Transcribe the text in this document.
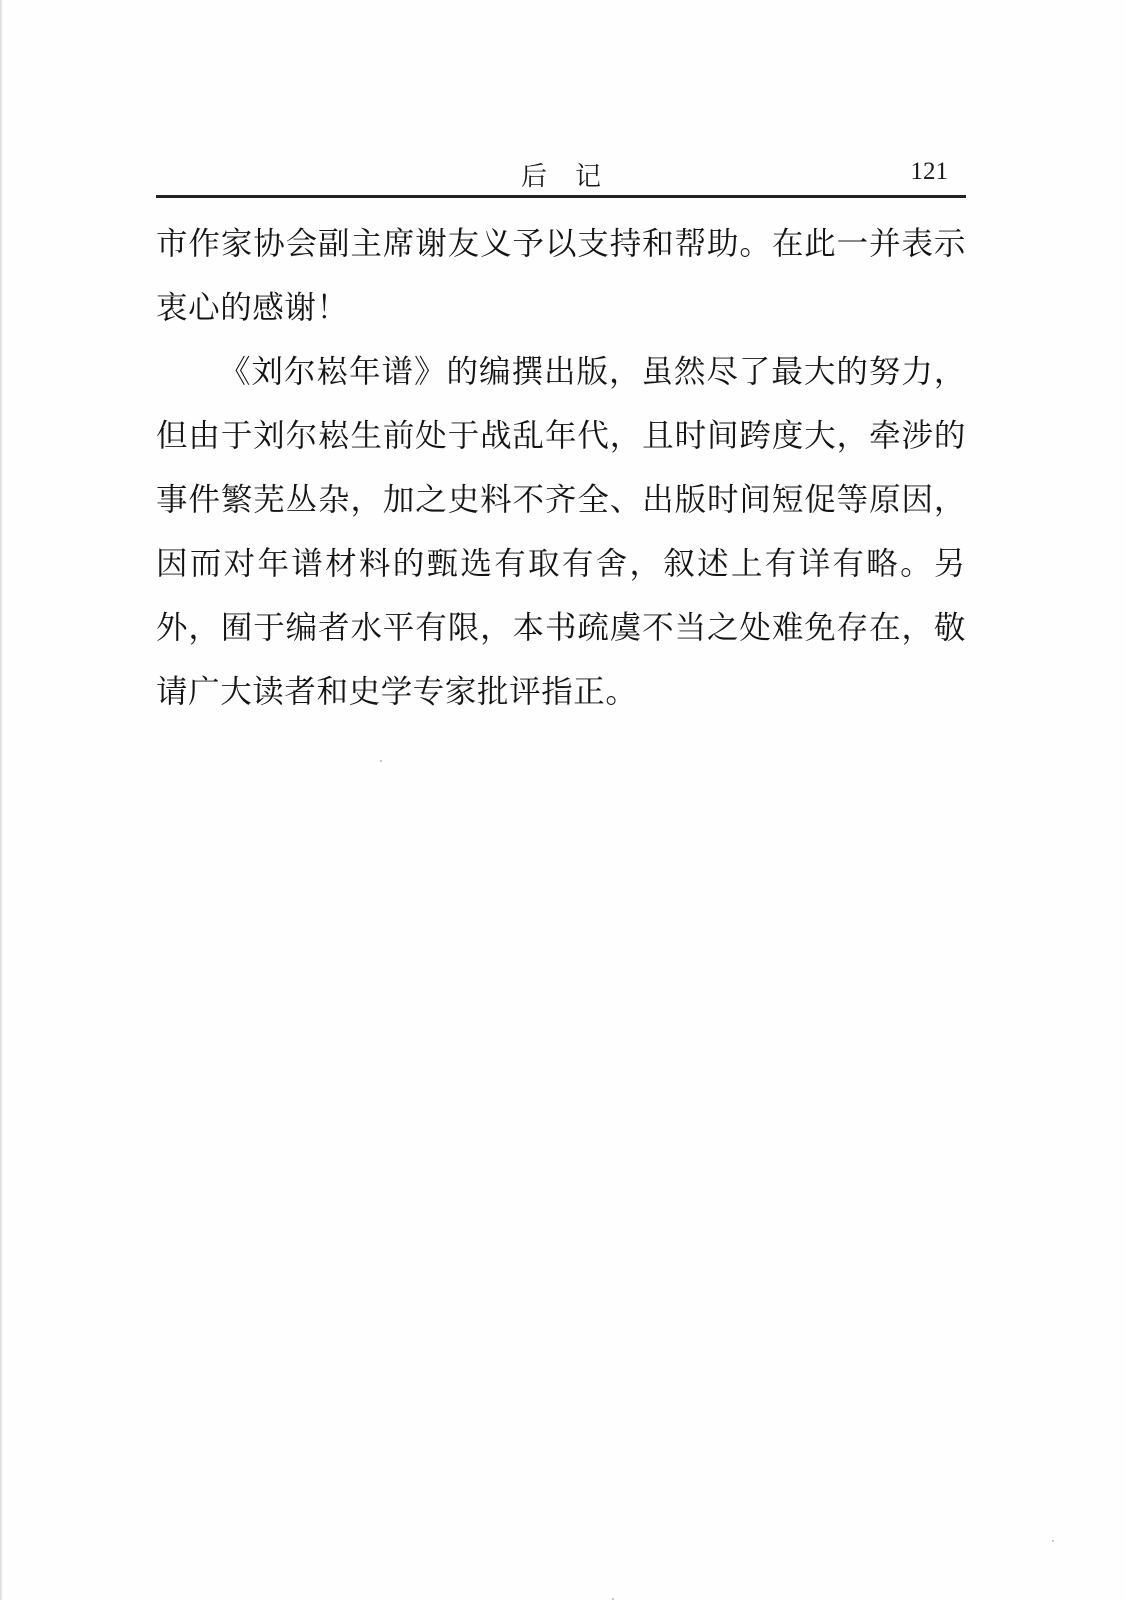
后记	121

市作家协会副主席谢友义予以支持和帮助。在此一并表示衷心的感谢！

《刘尔崧年谱》的编撰出版，虽然尽了最大的努力，但由于刘尔崧生前处于战乱年代，且时间跨度大，牵涉的事件繁芜丛杂，加之史料不齐全、出版时间短促等原因，因而对年谱材料的甄选有取有舍，叙述上有详有略。另外，囿于编者水平有限，本书疏虞不当之处难免存在，敬请广大读者和史学专家批评指正。
